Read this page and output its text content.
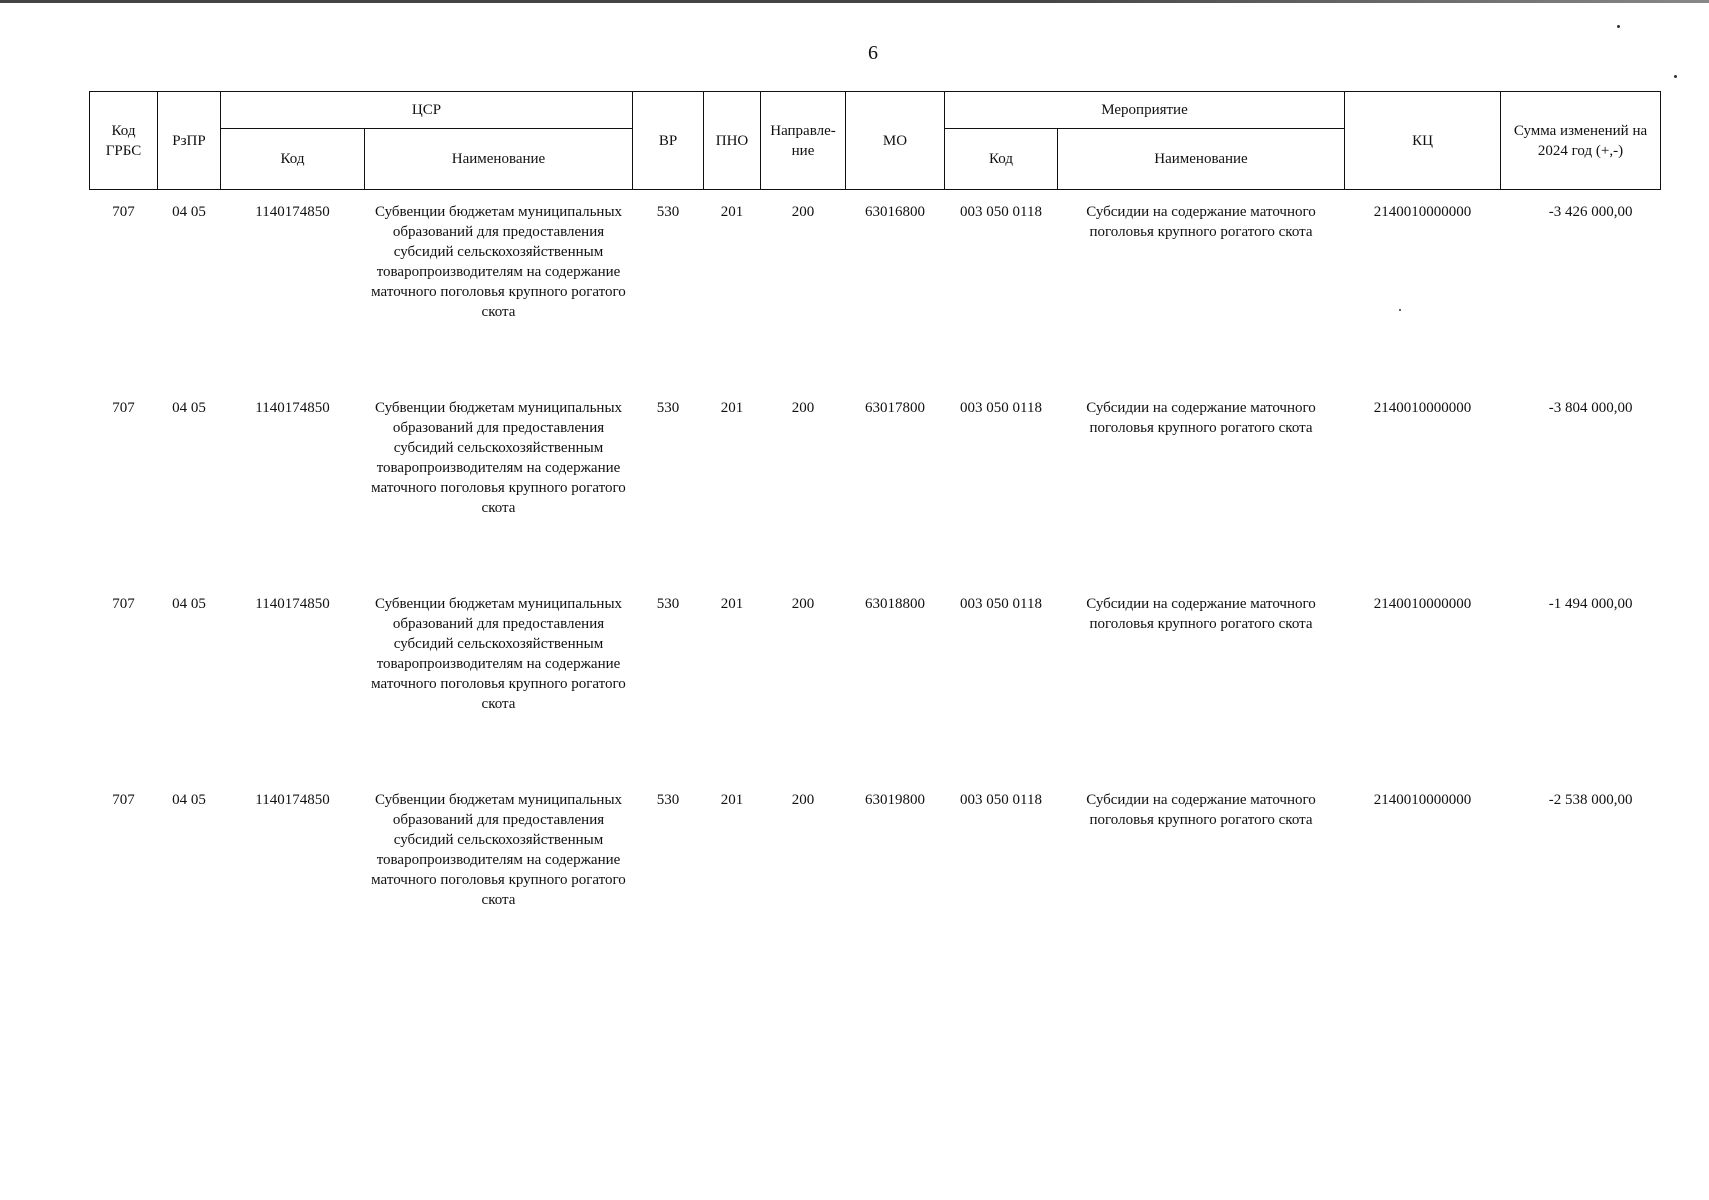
6
Код ГРБС	РзПР	ЦСР		ВР	ПНО	Направле-ние	МО	Мероприятие		КЦ	Сумма изменений на 2024 год (+,-)
		Код	Наименование					Код	Наименование		

707	04 05	1140174850	Субвенции бюджетам муниципальных образований для предоставления субсидий сельскохозяйственным товаропроизводителям на содержание маточного поголовья крупного рогатого скота	530	201	200	63016800	003 050 0118	Субсидии на содержание маточного поголовья крупного рогатого скота	2140010000000	-3 426 000,00
707	04 05	1140174850	Субвенции бюджетам муниципальных образований для предоставления субсидий сельскохозяйственным товаропроизводителям на содержание маточного поголовья крупного рогатого скота	530	201	200	63017800	003 050 0118	Субсидии на содержание маточного поголовья крупного рогатого скота	2140010000000	-3 804 000,00
707	04 05	1140174850	Субвенции бюджетам муниципальных образований для предоставления субсидий сельскохозяйственным товаропроизводителям на содержание маточного поголовья крупного рогатого скота	530	201	200	63018800	003 050 0118	Субсидии на содержание маточного поголовья крупного рогатого скота	2140010000000	-1 494 000,00
707	04 05	1140174850	Субвенции бюджетам муниципальных образований для предоставления субсидий сельскохозяйственным товаропроизводителям на содержание маточного поголовья крупного рогатого скота	530	201	200	63019800	003 050 0118	Субсидии на содержание маточного поголовья крупного рогатого скота	2140010000000	-2 538 000,00
